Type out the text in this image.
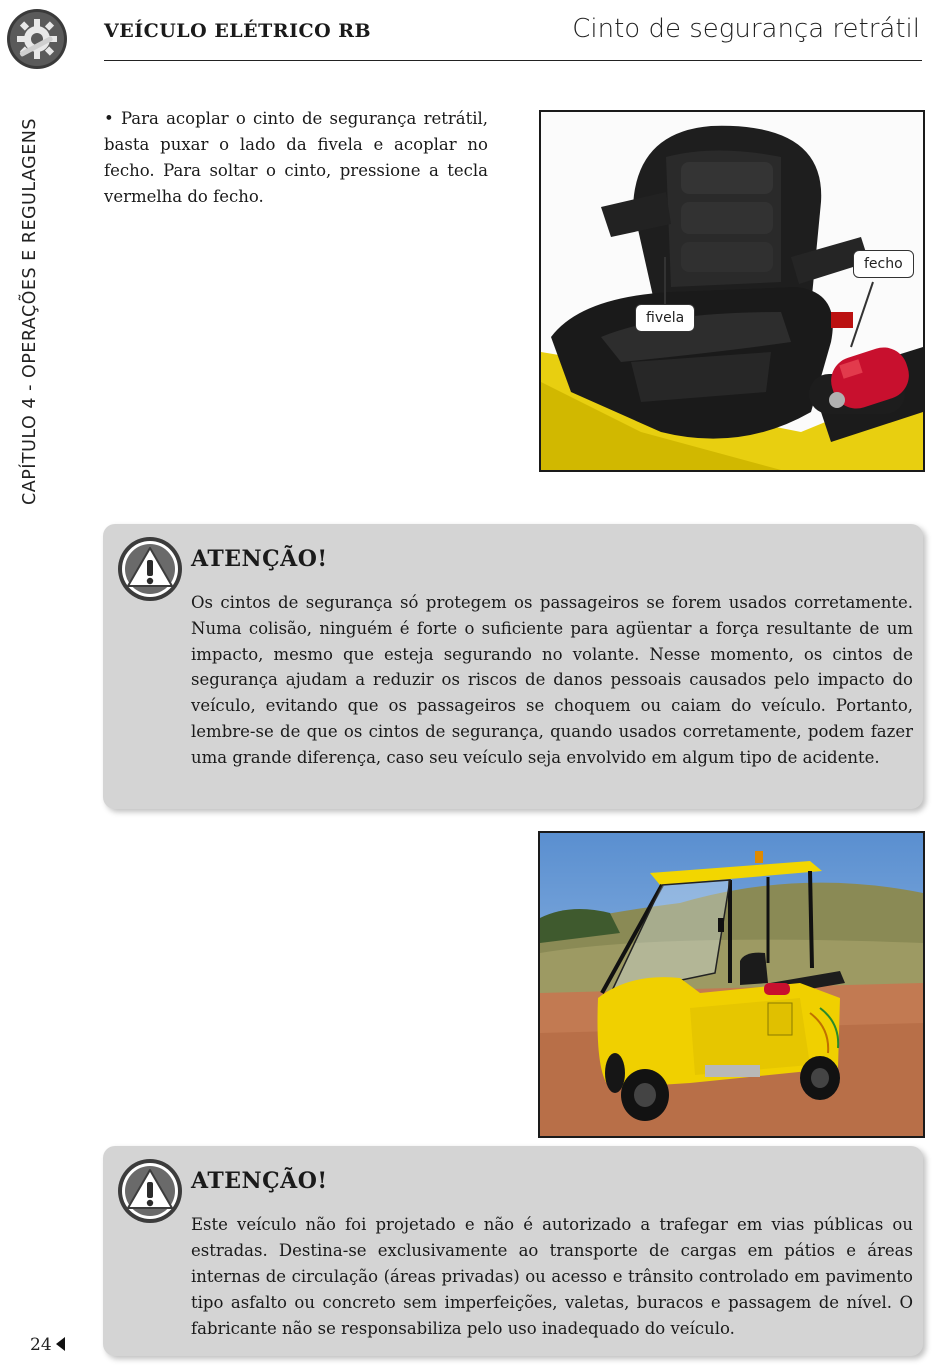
CAPÍTULO 4 - OPERAÇÕES E REGULAGENS
VEÍCULO ELÉTRICO RB	Cinto de segurança retrátil
• Para acoplar o cinto de segurança retrátil, basta puxar o lado da fivela e acoplar no fecho. Para soltar o cinto, pressione a tecla vermelha do fecho.
fivela
fecho
ATENÇÃO!

Os cintos de segurança só protegem os passageiros se forem usados corretamente. Numa colisão, ninguém é forte o suficiente para agüentar a força resultante de um impacto, mesmo que esteja segurando no volante. Nesse momento, os cintos de segurança ajudam a reduzir os riscos de danos pessoais causados pelo impacto do veículo, evitando que os passageiros se choquem ou caiam do veículo. Portanto, lembre-se de que os cintos de segurança, quando usados corretamente, podem fazer uma grande diferença, caso seu veículo seja envolvido em algum tipo de acidente.

ATENÇÃO!

Este veículo não foi projetado e não é autorizado a trafegar em vias públicas ou estradas. Destina-se exclusivamente ao transporte de cargas em pátios e áreas internas de circulação (áreas privadas) ou acesso e trânsito controlado em pavimento tipo asfalto ou concreto sem imperfeições, valetas, buracos e passagem de nível. O fabricante não se responsabiliza pelo uso inadequado do veículo.

24
